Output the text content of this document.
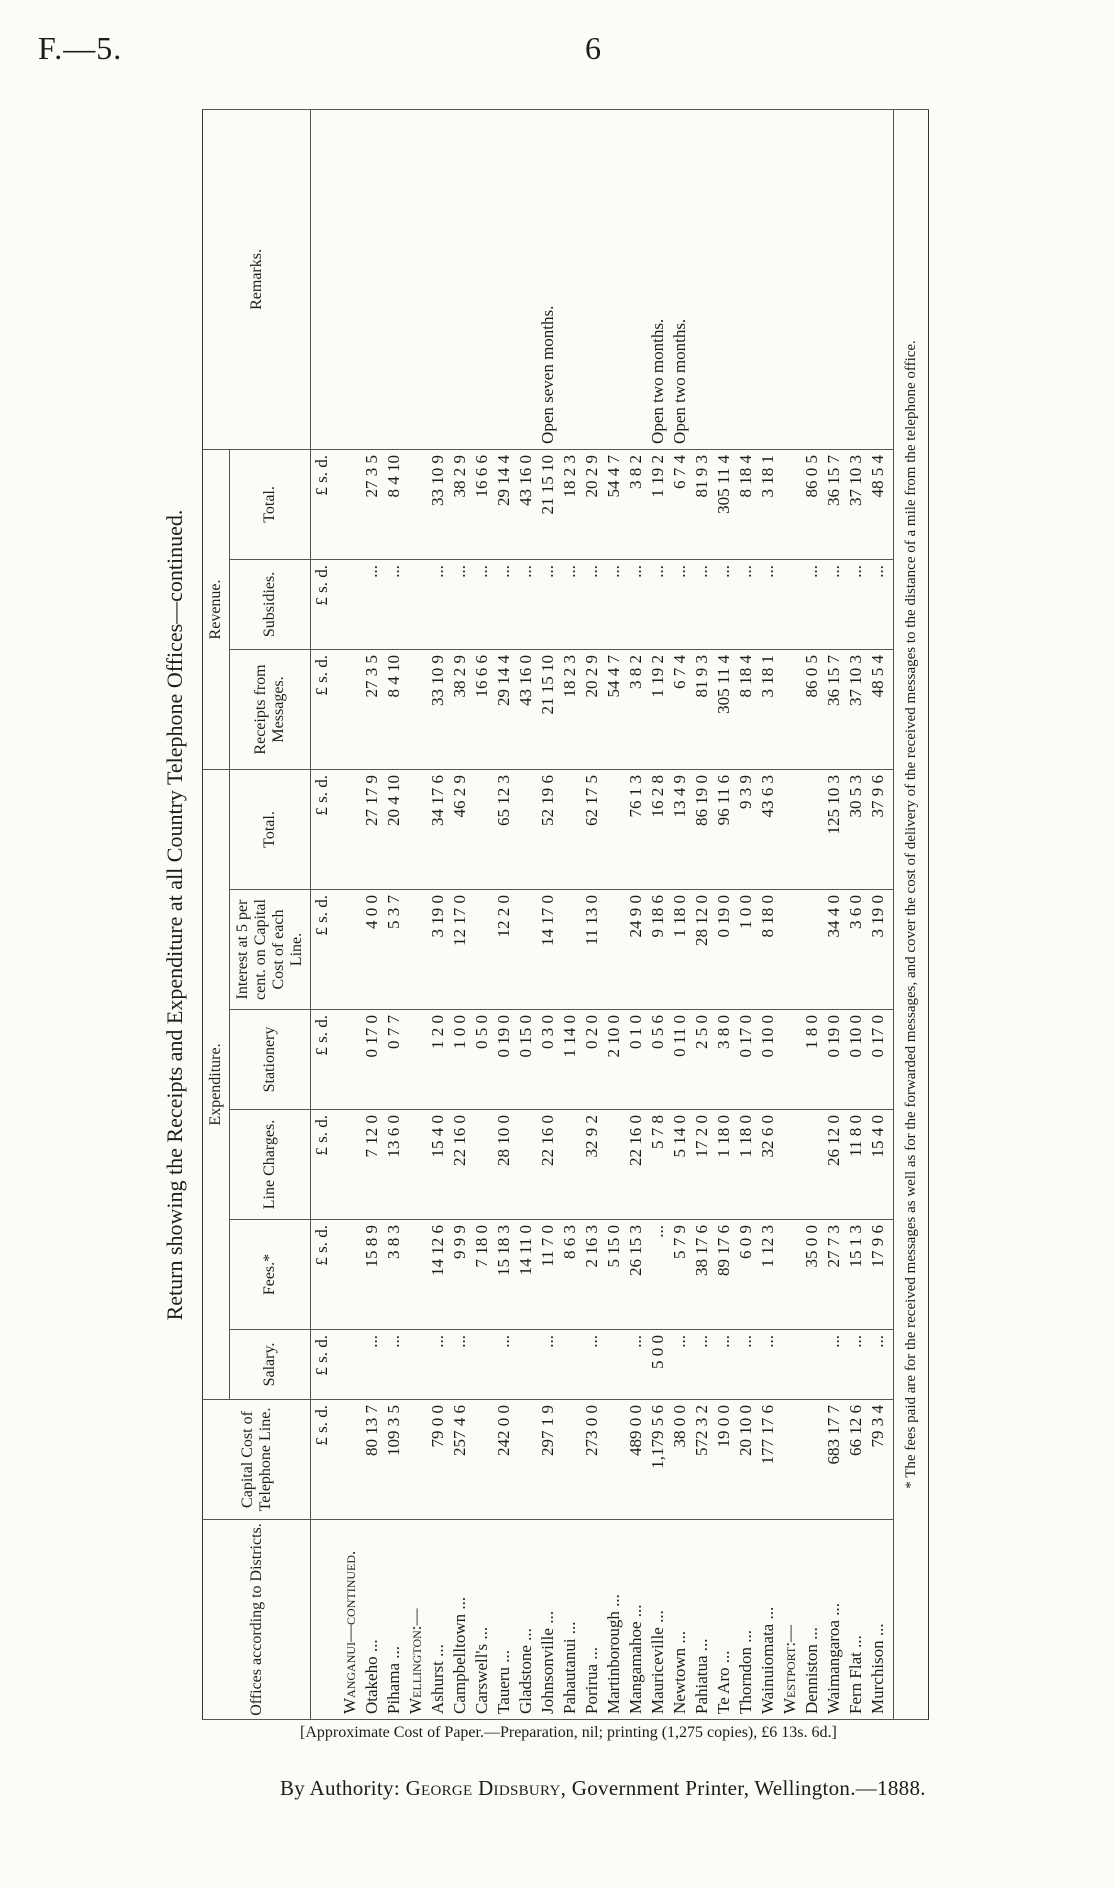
F.—5.	6
Return showing the Receipts and Expenditure at all Country Telephone Offices—continued.
Offices according to Districts.	Capital Cost of Telephone Line.	Expenditure.						Revenue.			Remarks.
		Salary.	Fees.*	Line Charges.	Stationery	Interest at 5 per cent. on Capital Cost of each Line.	Total.	Receipts from Messages.	Subsidies.	Total.	
	£ s. d.	£ s. d.	£ s. d.	£ s. d.	£ s. d.	£ s. d.	£ s. d.	£ s. d.	£ s. d.	£ s. d.	
Wanganui—continued.											
Otakeho ...	80 13 7	...	15 8 9	7 12 0	0 17 0	4 0 0	27 17 9	27 3 5	...	27 3 5	
Pihama ...	109 3 5	...	3 8 3	13 6 0	0 7 7	5 3 7	20 4 10	8 4 10	...	8 4 10	
Wellington:—											
Ashurst ...	79 0 0	...	14 12 6	15 4 0	1 2 0	3 19 0	34 17 6	33 10 9	...	33 10 9	
Campbelltown ...	257 4 6	...	9 9 9	22 16 0	1 0 0	12 17 0	46 2 9	38 2 9	...	38 2 9	
Carswell's ...			7 18 0		0 5 0			16 6 6	...	16 6 6	
Taueru ...	242 0 0	...	15 18 3	28 10 0	0 19 0	12 2 0	65 12 3	29 14 4	...	29 14 4	
Gladstone ...			14 11 0		0 15 0			43 16 0	...	43 16 0	
Johnsonville ...	297 1 9	...	11 7 0	22 16 0	0 3 0	14 17 0	52 19 6	21 15 10	...	21 15 10	Open seven months.
Pahautanui ...			8 6 3		1 14 0			18 2 3	...	18 2 3	
Porirua ...	273 0 0	...	2 16 3	32 9 2	0 2 0	11 13 0	62 17 5	20 2 9	...	20 2 9	
Martinborough ...			5 15 0		2 10 0			54 4 7	...	54 4 7	
Mangamahoe ...	489 0 0	...	26 15 3	22 16 0	0 1 0	24 9 0	76 1 3	3 8 2	...	3 8 2	
Mauriceville ...	1,179 5 6	5 0 0	...	5 7 8	0 5 6	9 18 6	16 2 8	1 19 2	...	1 19 2	Open two months.
Newtown ...	38 0 0	...	5 7 9	5 14 0	0 11 0	1 18 0	13 4 9	6 7 4	...	6 7 4	Open two months.
Pahiatua ...	572 3 2	...	38 17 6	17 2 0	2 5 0	28 12 0	86 19 0	81 9 3	...	81 9 3	
Te Aro ...	19 0 0	...	89 17 6	1 18 0	3 8 0	0 19 0	96 11 6	305 11 4	...	305 11 4	
Thorndon ...	20 10 0	...	6 0 9	1 18 0	0 17 0	1 0 0	9 3 9	8 18 4	...	8 18 4	
Wainuiomata ...	177 17 6	...	1 12 3	32 6 0	0 10 0	8 18 0	43 6 3	3 18 1	...	3 18 1	
Westport:—											
Denniston ...			35 0 0		1 8 0			86 0 5	...	86 0 5	
Waimangaroa ...	683 17 7	...	27 7 3	26 12 0	0 19 0	34 4 0	125 10 3	36 15 7	...	36 15 7	
Fern Flat ...	66 12 6	...	15 1 3	11 8 0	0 10 0	3 6 0	30 5 3	37 10 3	...	37 10 3	
Murchison ...	79 3 4	...	17 9 6	15 4 0	0 17 0	3 19 0	37 9 6	48 5 4	...	48 5 4	
* The fees paid are for the received messages as well as for the forwarded messages, and cover the cost of delivery of the received messages to the distance of a mile from the telephone office.											
[Approximate Cost of Paper.—Preparation, nil; printing (1,275 copies), £6 13s. 6d.]
By Authority: George Didsbury, Government Printer, Wellington.—1888.
